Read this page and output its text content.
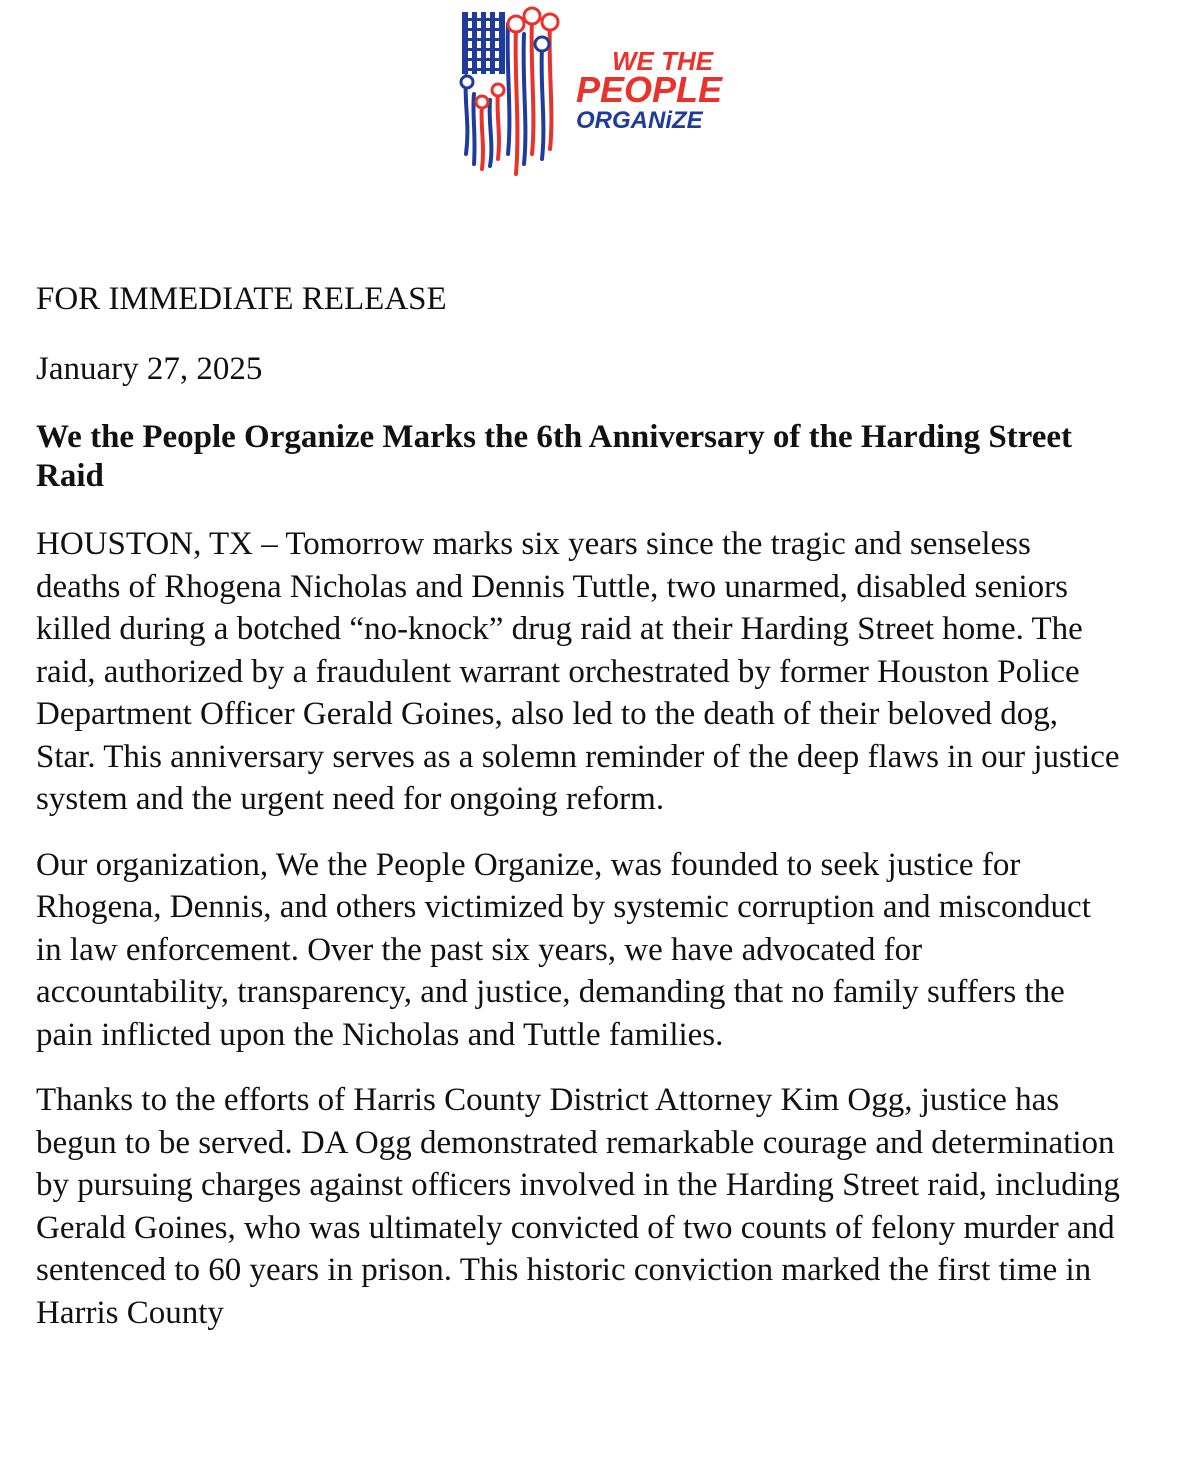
WE THE
PEOPLE
ORGANiZE
FOR IMMEDIATE RELEASE
January 27, 2025
We the People Organize Marks the 6th Anniversary of the Harding Street Raid
HOUSTON, TX – Tomorrow marks six years since the tragic and senseless deaths of Rhogena Nicholas and Dennis Tuttle, two unarmed, disabled seniors killed during a botched “no-knock” drug raid at their Harding Street home. The raid, authorized by a fraudulent warrant orchestrated by former Houston Police Department Officer Gerald Goines, also led to the death of their beloved dog, Star. This anniversary serves as a solemn reminder of the deep flaws in our justice system and the urgent need for ongoing reform.
Our organization, We the People Organize, was founded to seek justice for Rhogena, Dennis, and others victimized by systemic corruption and misconduct in law enforcement. Over the past six years, we have advocated for accountability, transparency, and justice, demanding that no family suffers the pain inflicted upon the Nicholas and Tuttle families.
Thanks to the efforts of Harris County District Attorney Kim Ogg, justice has begun to be served. DA Ogg demonstrated remarkable courage and determination by pursuing charges against officers involved in the Harding Street raid, including Gerald Goines, who was ultimately convicted of two counts of felony murder and sentenced to 60 years in prison. This historic conviction marked the first time in Harris County
